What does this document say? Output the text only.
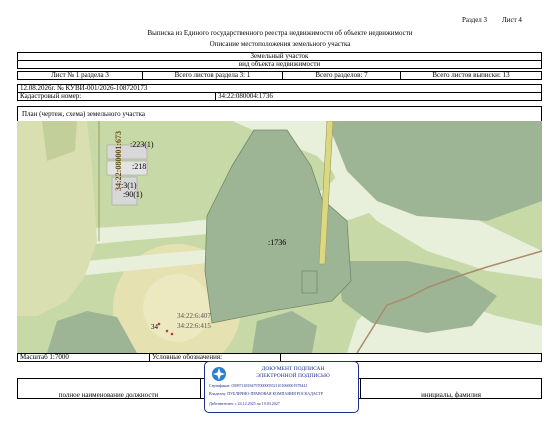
Раздел 3 Лист 4
Выписка из Единого государственного реестра недвижимости об объекте недвижимости
Описание местоположения земельного участка
Земельный участок
вид объекта недвижимости
Лист № 1 раздела 3	Всего листов раздела 3: 1	Всего разделов: 7	Всего листов выписки: 13
12.08.2026г. № КУВИ-001/2026-108720173
Кадастровый номер:	34:22:080004:1736
План (чертеж, схема) земельного участка
34:22:080001:673 :223(1)
:218
:3(1)
:90(1)
:1736
34:22:6:407
34:22:6:415
34
Масштаб 1:7000	Условные обозначения:
полное наименование должности	инициалы, фамилия
ДОКУМЕНТ ПОДПИСАН
ЭЛЕКТРОННОЙ ПОДПИСЬЮ
Сертификат: 03997148184797000005521101060001978441
Владелец: ПУБЛИЧНО-ПРАВОВАЯ КОМПАНИЯ РОСКАДАСТР
Действителен: с 24.12.2025 по 19.03.2027
